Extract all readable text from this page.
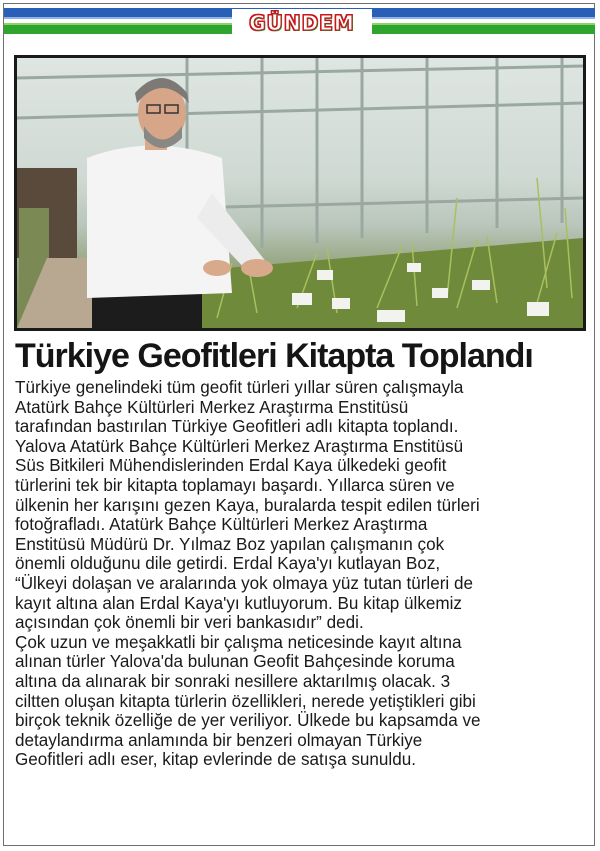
GÜNDEM
Türkiye Geofitleri Kitapta Toplandı
Türkiye genelindeki tüm geofit türleri yıllar süren çalışmayla
Atatürk Bahçe Kültürleri Merkez Araştırma Enstitüsü
tarafından bastırılan Türkiye Geofitleri adlı kitapta toplandı.
Yalova Atatürk Bahçe Kültürleri Merkez Araştırma Enstitüsü
Süs Bitkileri Mühendislerinden Erdal Kaya ülkedeki geofit
türlerini tek bir kitapta toplamayı başardı. Yıllarca süren ve
ülkenin her karışını gezen Kaya, buralarda tespit edilen türleri
fotoğrafladı. Atatürk Bahçe Kültürleri Merkez Araştırma
Enstitüsü Müdürü Dr. Yılmaz Boz yapılan çalışmanın çok
önemli olduğunu dile getirdi. Erdal Kaya'yı kutlayan Boz,
“Ülkeyi dolaşan ve aralarında yok olmaya yüz tutan türleri de
kayıt altına alan Erdal Kaya'yı kutluyorum. Bu kitap ülkemiz
açısından çok önemli bir veri bankasıdır” dedi.
Çok uzun ve meşakkatli bir çalışma neticesinde kayıt altına
alınan türler Yalova'da bulunan Geofit Bahçesinde koruma
altına da alınarak bir sonraki nesillere aktarılmış olacak. 3
ciltten oluşan kitapta türlerin özellikleri, nerede yetiştikleri gibi
birçok teknik özelliğe de yer veriliyor. Ülkede bu kapsamda ve
detaylandırma anlamında bir benzeri olmayan Türkiye
Geofitleri adlı eser, kitap evlerinde de satışa sunuldu.
